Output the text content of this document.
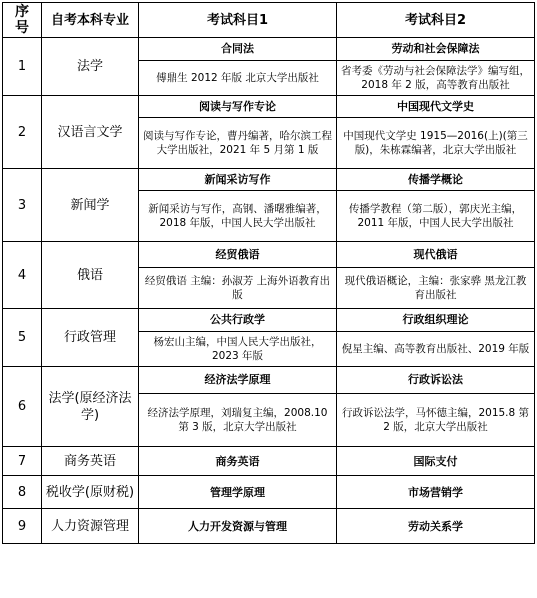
序号	自考本科专业	考试科目1	考试科目2
1	法学	合同法	劳动和社会保障法
		傅鼎生 2012 年版 北京大学出版社	省考委《劳动与社会保障法学》编写组，2018 年 2 版，高等教育出版社
2	汉语言文学	阅读与写作专论	中国现代文学史
		阅读与写作专论，曹丹编著，哈尔滨工程大学出版社，2021 年 5 月第 1 版	中国现代文学史 1915—2016(上)(第三版)，朱栋霖编著，北京大学出版社
3	新闻学	新闻采访写作	传播学概论
		新闻采访与写作，高钢、潘曙雅编著，2018 年版，中国人民大学出版社	传播学教程（第二版），郭庆光主编，2011 年版，中国人民大学出版社
4	俄语	经贸俄语	现代俄语
		经贸俄语 主编：孙淑芳 上海外语教育出版	现代俄语概论，主编：张家骅 黑龙江教育出版社
5	行政管理	公共行政学	行政组织理论
		杨宏山主编，中国人民大学出版社，2023 年版	倪星主编、高等教育出版社、2019 年版
6	法学(原经济法学)	经济法学原理	行政诉讼法
		经济法学原理，刘瑞复主编，2008.10 第 3 版，北京大学出版社	行政诉讼法学，马怀德主编，2015.8 第 2 版，北京大学出版社
7	商务英语	商务英语	国际支付
8	税收学(原财税)	管理学原理	市场营销学
9	人力资源管理	人力开发资源与管理	劳动关系学
